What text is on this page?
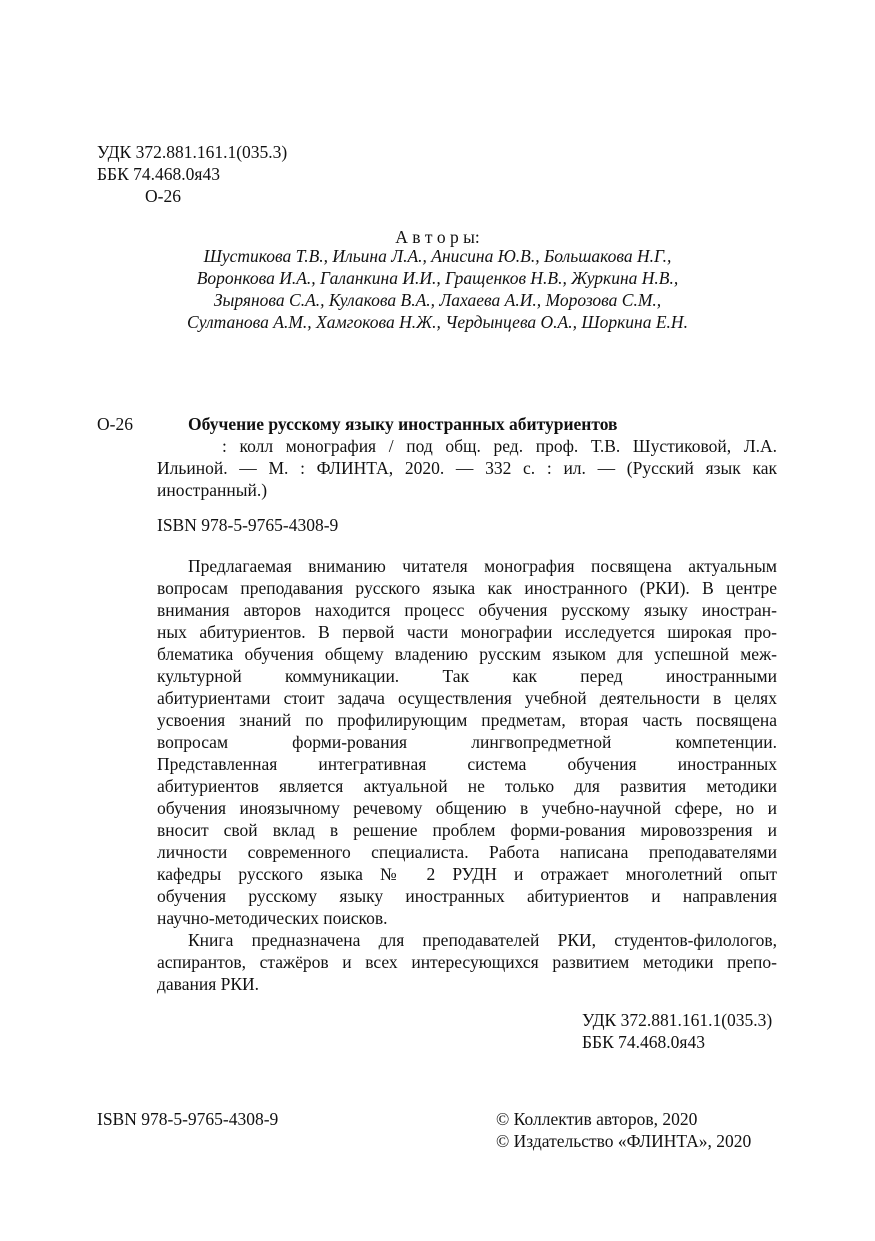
УДК 372.881.161.1(035.3)
ББК 74.468.0я43
О-26
А в т о р ы:
Шустикова Т.В., Ильина Л.А., Анисина Ю.В., Большакова Н.Г.,
Воронкова И.А., Галанкина И.И., Гращенков Н.В., Журкина Н.В.,
Зырянова С.А., Кулакова В.А., Лахаева А.И., Морозова С.М.,
Султанова А.М., Хамгокова Н.Ж., Чердынцева О.А., Шоркина Е.Н.
О-26	Обучение русскому языку иностранных абитуриентов
: колл монография / под общ. ред. проф. Т.В. Шустиковой, Л.А.
Ильиной. — М. : ФЛИНТА, 2020. — 332 с. : ил. — (Русский язык как
иностранный.)
ISBN 978-5-9765-4308-9
Предлагаемая вниманию читателя монография посвящена актуальным
вопросам преподавания русского языка как иностранного (РКИ). В центре
внимания авторов находится процесс обучения русскому языку иностран-
ных абитуриентов. В первой части монографии исследуется широкая про-
блематика обучения общему владению русским языком для успешной меж-
культурной коммуникации. Так как перед иностранными
абитуриентами стоит задача осуществления учебной деятельности в целях
усвоения знаний по профилирующим предметам, вторая часть посвящена
вопросам форми-рования лингвопредметной компетенции.
Представленная интегративная система обучения иностранных
абитуриентов является актуальной не только для развития методики
обучения иноязычному речевому общению в учебно-научной сфере, но и
вносит свой вклад в решение проблем форми-рования мировоззрения и
личности современного специалиста. Работа написана преподавателями
кафедры русского языка № 2 РУДН и отражает многолетний опыт
обучения русскому языку иностранных абитуриентов и направления
научно-методических поисков.
Книга предназначена для преподавателей РКИ, студентов-филологов,
аспирантов, стажёров и всех интересующихся развитием методики препо-
давания РКИ.
УДК 372.881.161.1(035.3)
ББК 74.468.0я43
ISBN 978-5-9765-4308-9	© Коллектив авторов, 2020
© Издательство «ФЛИНТА», 2020
